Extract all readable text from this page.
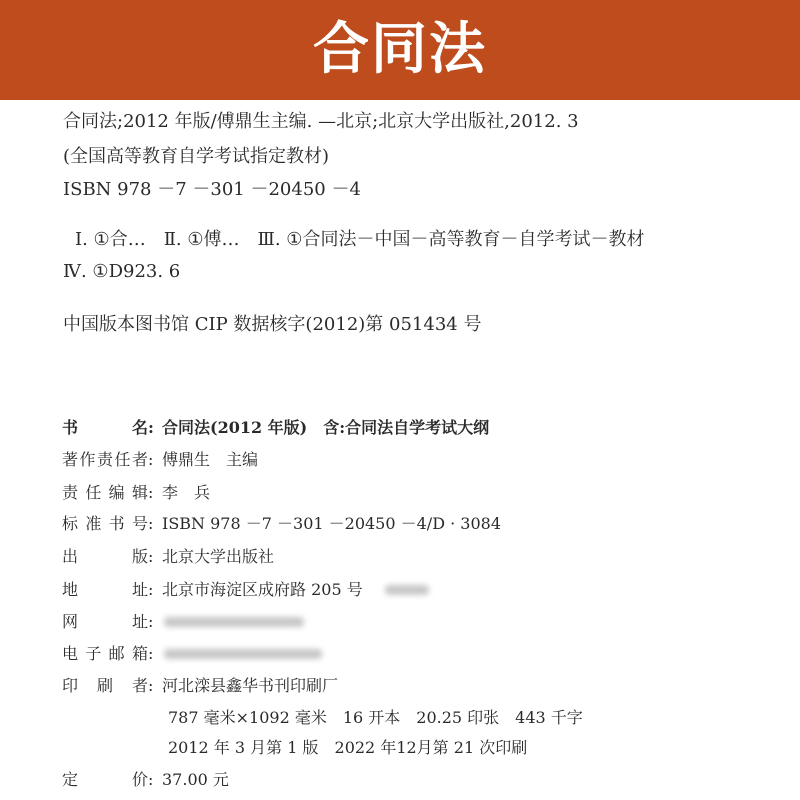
合同法
合同法;2012 年版/傅鼎生主编. —北京;北京大学出版社,2012. 3
(全国高等教育自学考试指定教材)
ISBN 978 －7 －301 －20450 －4
Ⅰ. ①合…　Ⅱ. ①傅…　Ⅲ. ①合同法－中国－高等教育－自学考试－教材
Ⅳ. ①D923. 6
中国版本图书馆 CIP 数据核字(2012)第 051434 号
书名 : 合同法(2012 年版)　含:合同法自学考试大纲
著作责任者 : 傅鼎生　主编
责任编辑 : 李　兵
标准书号 : ISBN 978 －7 －301 －20450 －4/D · 3084
出版 : 北京大学出版社
地址 : 北京市海淀区成府路 205 号
网址 :
电子邮箱 :
印刷者 : 河北滦县鑫华书刊印刷厂
787 毫米×1092 毫米　16 开本　20.25 印张　443 千字
2012 年 3 月第 1 版　2022 年12月第 21 次印刷
定价 : 37.00 元
